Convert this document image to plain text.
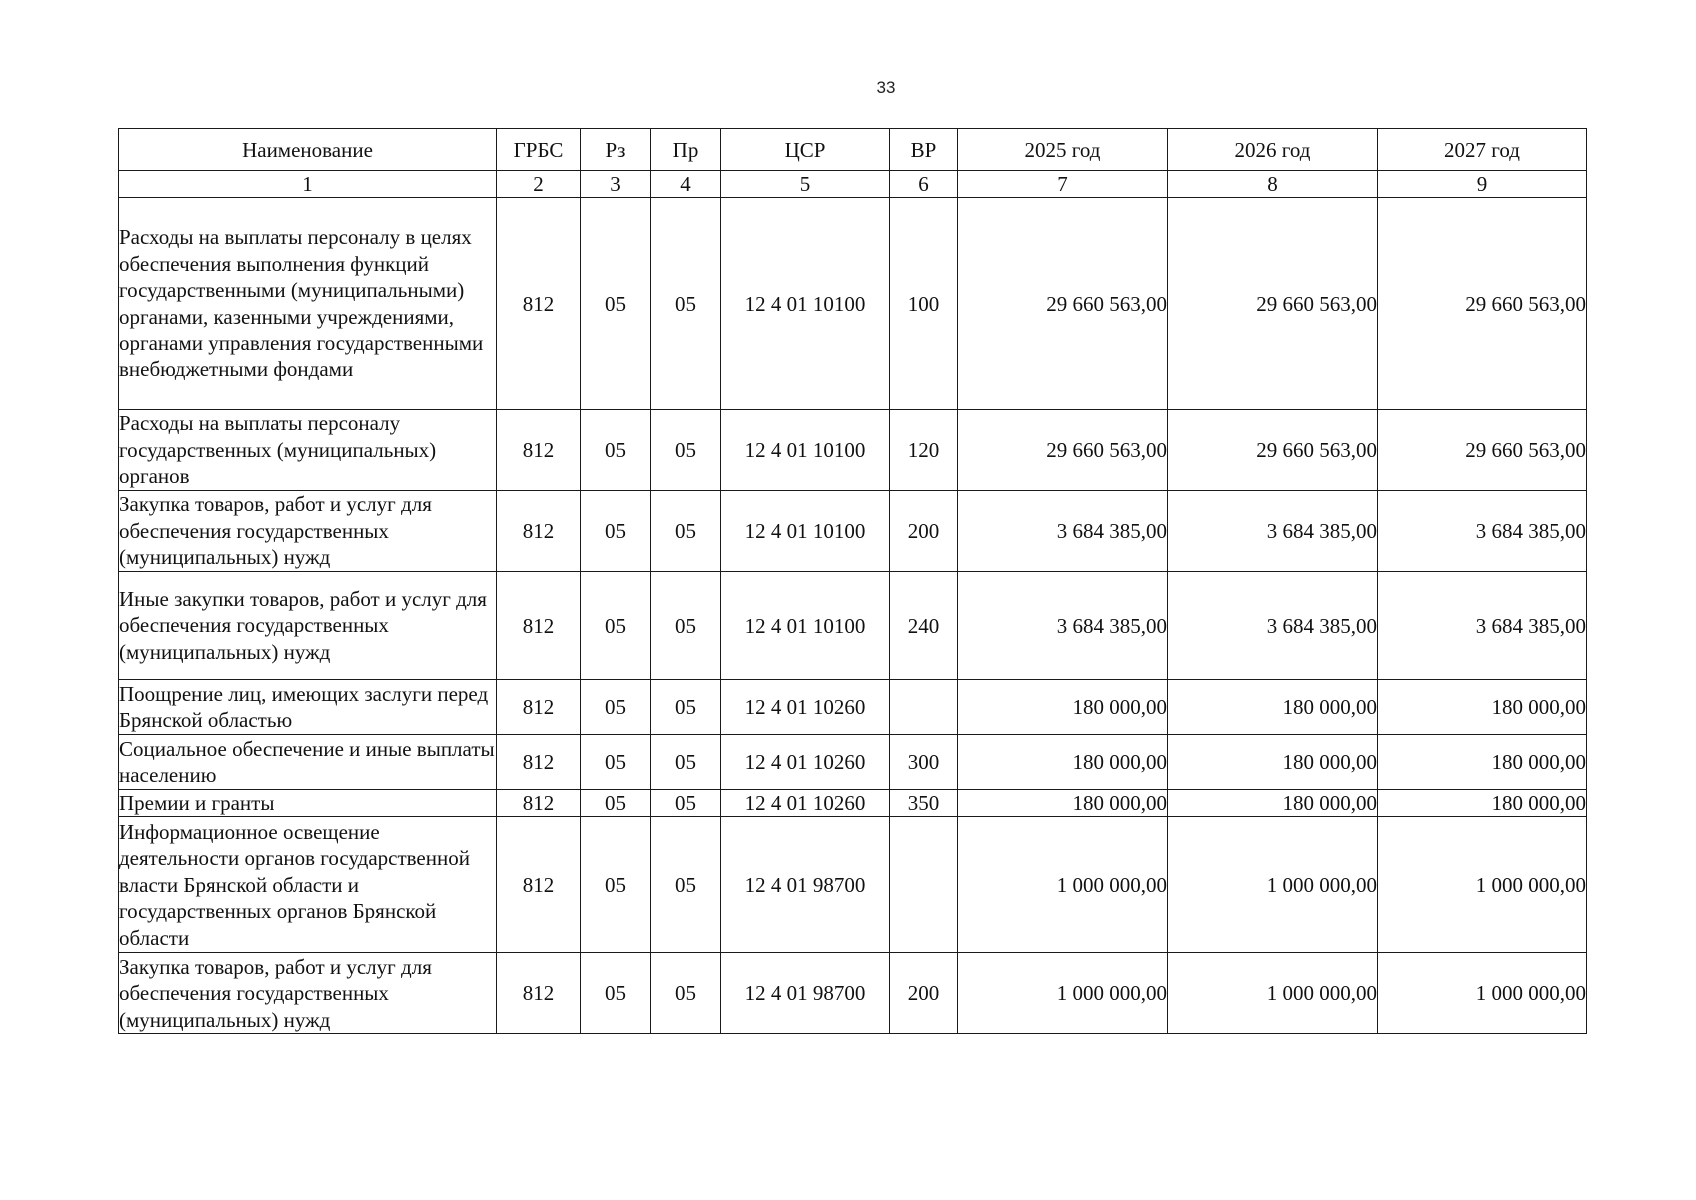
33
Наименование	ГРБС	Рз	Пр	ЦСР	ВР	2025 год	2026 год	2027 год
1	2	3	4	5	6	7	8	9
Расходы на выплаты персоналу в целях обеспечения выполнения функций государственными (муниципальными) органами, казенными учреждениями, органами управления государственными внебюджетными фондами	812	05	05	12 4 01 10100	100	29 660 563,00	29 660 563,00	29 660 563,00
Расходы на выплаты персоналу государственных (муниципальных) органов	812	05	05	12 4 01 10100	120	29 660 563,00	29 660 563,00	29 660 563,00
Закупка товаров, работ и услуг для обеспечения государственных (муниципальных) нужд	812	05	05	12 4 01 10100	200	3 684 385,00	3 684 385,00	3 684 385,00
Иные закупки товаров, работ и услуг для обеспечения государственных (муниципальных) нужд	812	05	05	12 4 01 10100	240	3 684 385,00	3 684 385,00	3 684 385,00
Поощрение лиц, имеющих заслуги перед Брянской областью	812	05	05	12 4 01 10260		180 000,00	180 000,00	180 000,00
Социальное обеспечение и иные выплаты населению	812	05	05	12 4 01 10260	300	180 000,00	180 000,00	180 000,00
Премии и гранты	812	05	05	12 4 01 10260	350	180 000,00	180 000,00	180 000,00
Информационное освещение деятельности органов государственной власти Брянской области и государственных органов Брянской области	812	05	05	12 4 01 98700		1 000 000,00	1 000 000,00	1 000 000,00
Закупка товаров, работ и услуг для обеспечения государственных (муниципальных) нужд	812	05	05	12 4 01 98700	200	1 000 000,00	1 000 000,00	1 000 000,00
